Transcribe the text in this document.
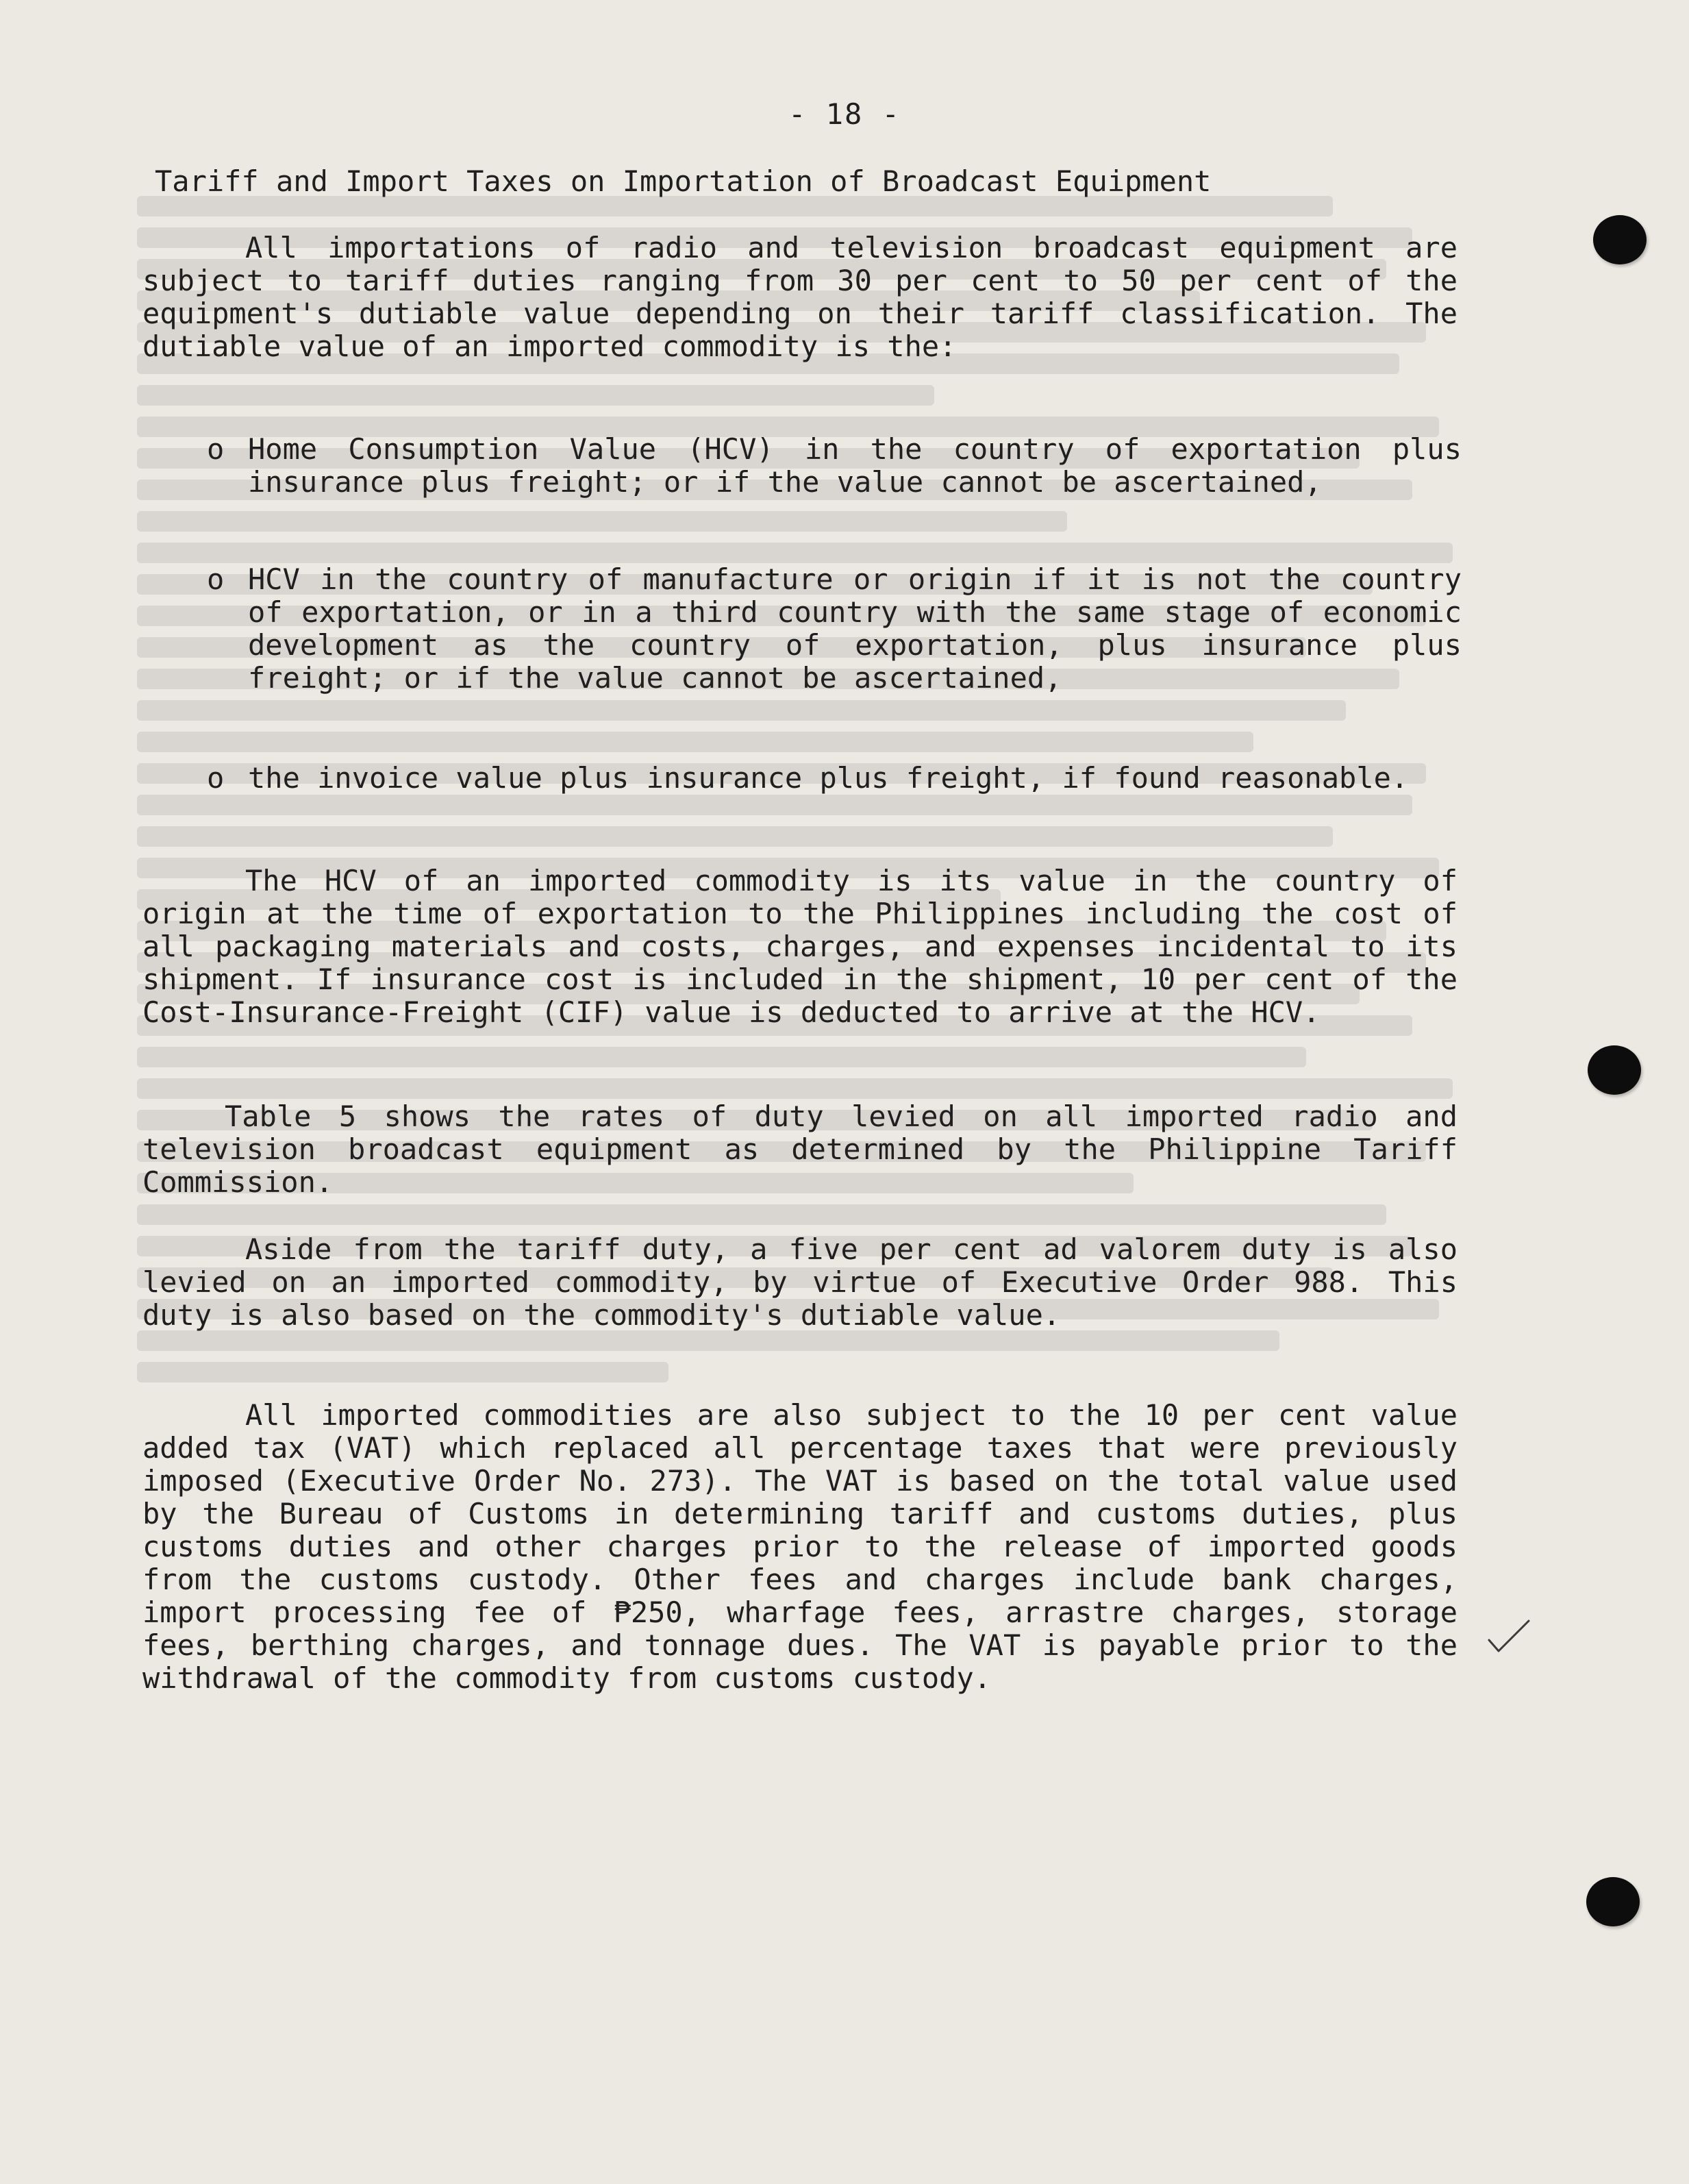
- 18 -
Tariff and Import Taxes on Importation of Broadcast Equipment

All importations of radio and television broadcast equipment are subject to tariff duties ranging from 30 per cent to 50 per cent of the equipment's dutiable value depending on their tariff classification. The dutiable value of an imported commodity is the:

o Home Consumption Value (HCV) in the country of exportation plus insurance plus freight; or if the value cannot be ascertained,
o HCV in the country of manufacture or origin if it is not the country of exportation, or in a third country with the same stage of economic development as the country of exportation, plus insurance plus freight; or if the value cannot be ascertained,
o the invoice value plus insurance plus freight, if found reasonable.

The HCV of an imported commodity is its value in the country of origin at the time of exportation to the Philippines including the cost of all packaging materials and costs, charges, and expenses incidental to its shipment. If insurance cost is included in the shipment, 10 per cent of the Cost-Insurance-Freight (CIF) value is deducted to arrive at the HCV.

Table 5 shows the rates of duty levied on all imported radio and television broadcast equipment as determined by the Philippine Tariff Commission.

Aside from the tariff duty, a five per cent ad valorem duty is also levied on an imported commodity, by virtue of Executive Order 988. This duty is also based on the commodity's dutiable value.

All imported commodities are also subject to the 10 per cent value added tax (VAT) which replaced all percentage taxes that were previously imposed (Executive Order No. 273). The VAT is based on the total value used by the Bureau of Customs in determining tariff and customs duties, plus customs duties and other charges prior to the release of imported goods from the customs custody. Other fees and charges include bank charges, import processing fee of ₱250, wharfage fees, arrastre charges, storage fees, berthing charges, and tonnage dues. The VAT is payable prior to the withdrawal of the commodity from customs custody.
